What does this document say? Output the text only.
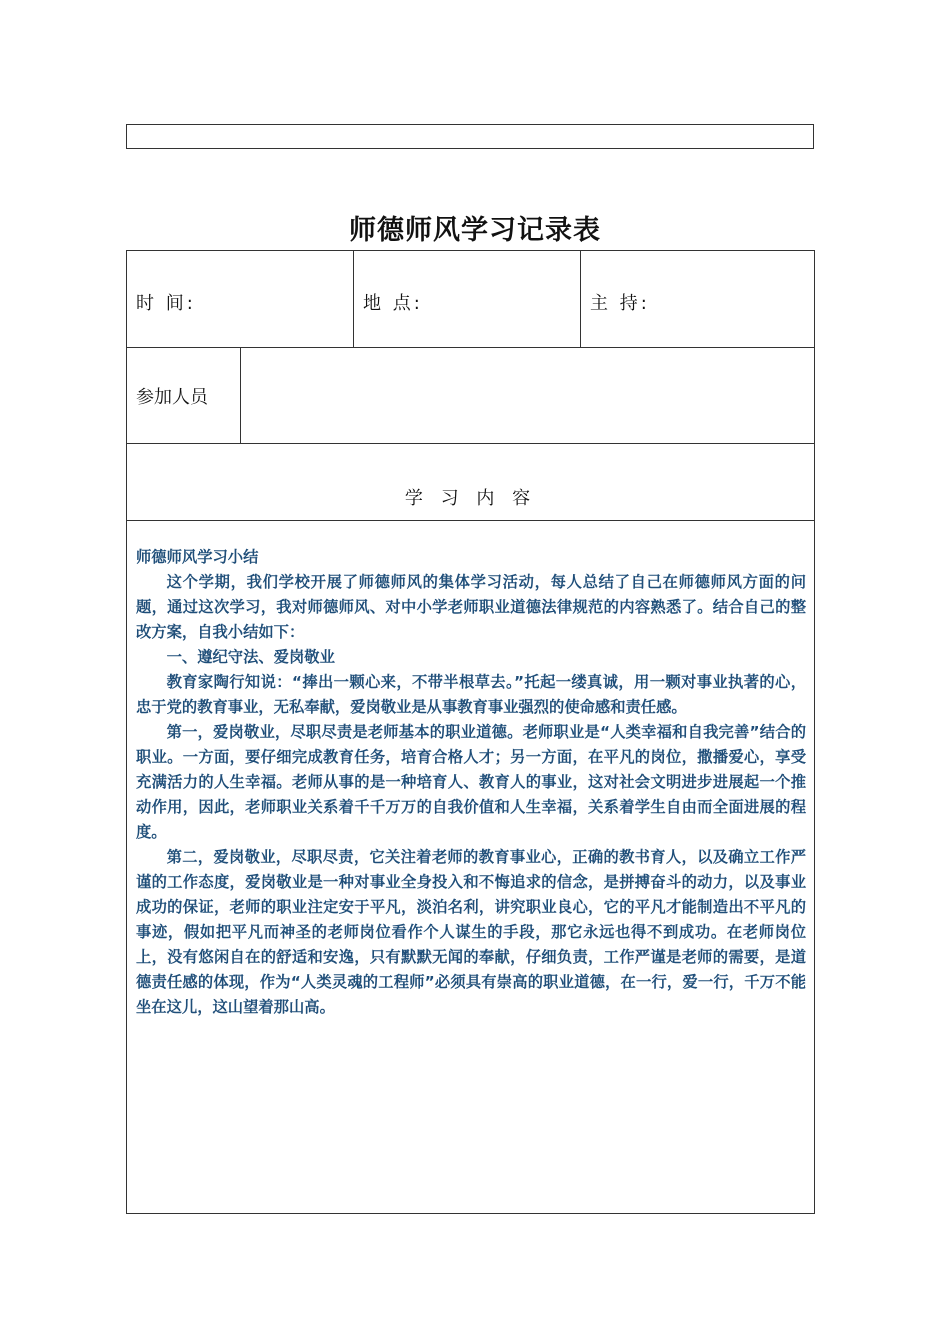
师德师风学习记录表
时 间:	地 点:	主 持:
参加人员
学 习 内 容

师德师风学习小结

这个学期，我们学校开展了师德师风的集体学习活动，每人总结了自己在师德师风方面的问题，通过这次学习，我对师德师风、对中小学老师职业道德法律规范的内容熟悉了。结合自己的整改方案，自我小结如下：

一、遵纪守法、爱岗敬业

教育家陶行知说：“捧出一颗心来，不带半根草去。”托起一缕真诚，用一颗对事业执著的心，忠于党的教育事业，无私奉献，爱岗敬业是从事教育事业强烈的使命感和责任感。

第一，爱岗敬业，尽职尽责是老师基本的职业道德。老师职业是“人类幸福和自我完善”结合的职业。一方面，要仔细完成教育任务，培育合格人才；另一方面，在平凡的岗位，撒播爱心，享受充满活力的人生幸福。老师从事的是一种培育人、教育人的事业，这对社会文明进步进展起一个推动作用，因此，老师职业关系着千千万万的自我价值和人生幸福，关系着学生自由而全面进展的程度。

第二，爱岗敬业，尽职尽责，它关注着老师的教育事业心，正确的教书育人，以及确立工作严谨的工作态度，爱岗敬业是一种对事业全身投入和不悔追求的信念，是拼搏奋斗的动力，以及事业成功的保证，老师的职业注定安于平凡，淡泊名利，讲究职业良心，它的平凡才能制造出不平凡的事迹，假如把平凡而神圣的老师岗位看作个人谋生的手段，那它永远也得不到成功。在老师岗位上，没有悠闲自在的舒适和安逸，只有默默无闻的奉献，仔细负责，工作严谨是老师的需要，是道德责任感的体现，作为“人类灵魂的工程师”必须具有崇高的职业道德，在一行，爱一行，千万不能坐在这儿，这山望着那山高。
